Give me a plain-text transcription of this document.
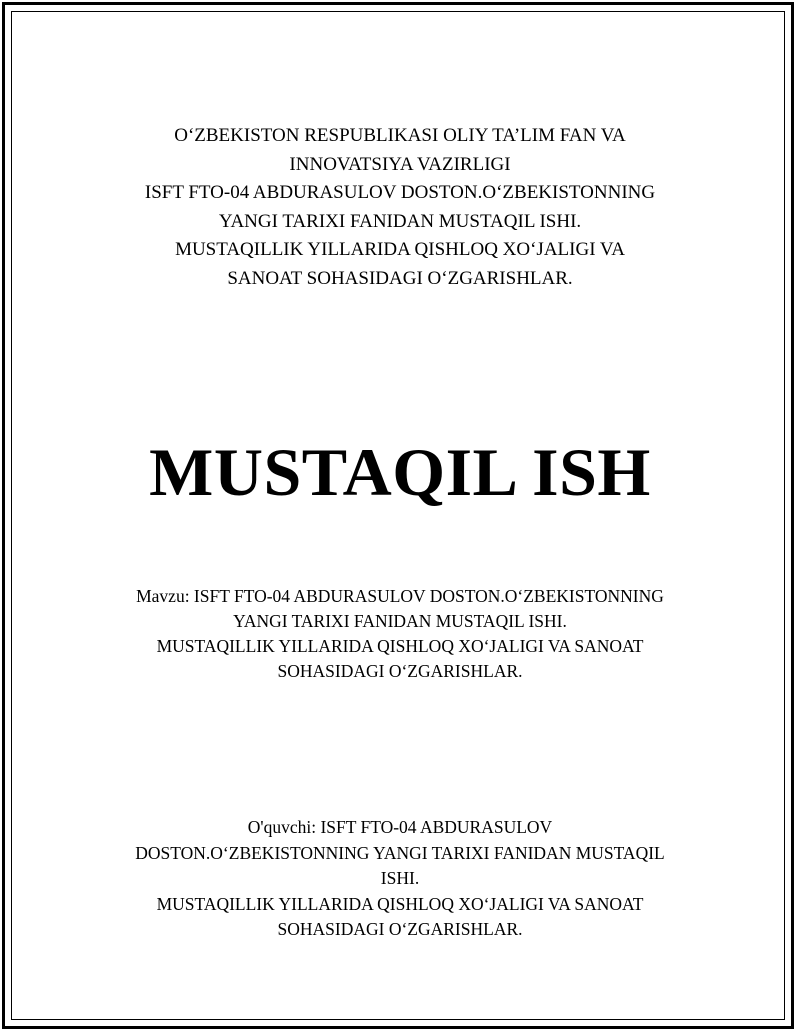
O‘ZBEKISTON RESPUBLIKASI OLIY TA’LIM FAN VA
INNOVATSIYA VAZIRLIGI
ISFT FTO-04 ABDURASULOV DOSTON.O‘ZBEKISTONNING
YANGI TARIXI FANIDAN MUSTAQIL ISHI.
MUSTAQILLIK YILLARIDA QISHLOQ XO‘JALIGI VA
SANOAT SOHASIDAGI O‘ZGARISHLAR.
MUSTAQIL ISH
Mavzu: ISFT FTO-04 ABDURASULOV DOSTON.O‘ZBEKISTONNING
YANGI TARIXI FANIDAN MUSTAQIL ISHI.
MUSTAQILLIK YILLARIDA QISHLOQ XO‘JALIGI VA SANOAT
SOHASIDAGI O‘ZGARISHLAR.
O'quvchi: ISFT FTO-04 ABDURASULOV
DOSTON.O‘ZBEKISTONNING YANGI TARIXI FANIDAN MUSTAQIL
ISHI.
MUSTAQILLIK YILLARIDA QISHLOQ XO‘JALIGI VA SANOAT
SOHASIDAGI O‘ZGARISHLAR.
